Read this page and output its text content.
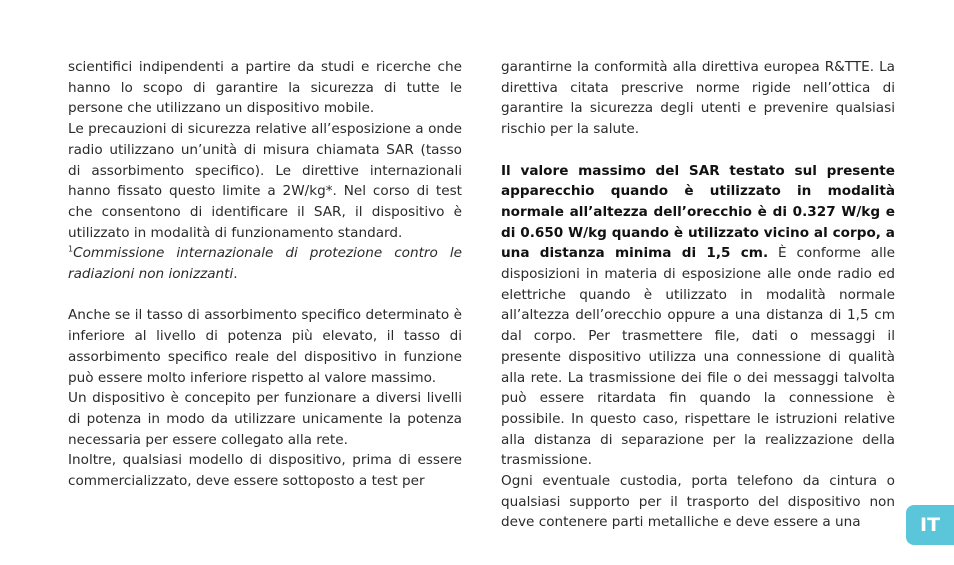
scientifici indipendenti a partire da studi e ricerche che hanno lo scopo di garantire la sicurezza di tutte le persone che utilizzano un dispositivo mobile.

Le precauzioni di sicurezza relative all’esposizione a onde radio utilizzano un’unità di misura chiamata SAR (tasso di assorbimento specifico). Le direttive internazionali hanno fissato questo limite a 2W/kg*. Nel corso di test che consentono di identificare il SAR, il dispositivo è utilizzato in modalità di funzionamento standard.

$^1$Commissione internazionale di protezione contro le radiazioni non ionizzanti.

Anche se il tasso di assorbimento specifico determinato è inferiore al livello di potenza più elevato, il tasso di assorbimento specifico reale del dispositivo in funzione può essere molto inferiore rispetto al valore massimo.

Un dispositivo è concepito per funzionare a diversi livelli di potenza in modo da utilizzare unicamente la potenza necessaria per essere collegato alla rete.

Inoltre, qualsiasi modello di dispositivo, prima di essere commercializzato, deve essere sottoposto a test per

garantirne la conformità alla direttiva europea R&TTE. La direttiva citata prescrive norme rigide nell’ottica di garantire la sicurezza degli utenti e prevenire qualsiasi rischio per la salute.

Il valore massimo del SAR testato sul presente apparecchio quando è utilizzato in modalità normale all’altezza dell’orecchio è di 0.327 W/kg e di 0.650 W/kg quando è utilizzato vicino al corpo, a una distanza minima di 1,5 cm. È conforme alle disposizioni in materia di esposizione alle onde radio ed elettriche quando è utilizzato in modalità normale all’altezza dell’orecchio oppure a una distanza di 1,5 cm dal corpo. Per trasmettere file, dati o messaggi il presente dispositivo utilizza una connessione di qualità alla rete. La trasmissione dei file o dei messaggi talvolta può essere ritardata fin quando la connessione è possibile. In questo caso, rispettare le istruzioni relative alla distanza di separazione per la realizzazione della trasmissione.

Ogni eventuale custodia, porta telefono da cintura o qualsiasi supporto per il trasporto del dispositivo non deve contenere parti metalliche e deve essere a una	IT
